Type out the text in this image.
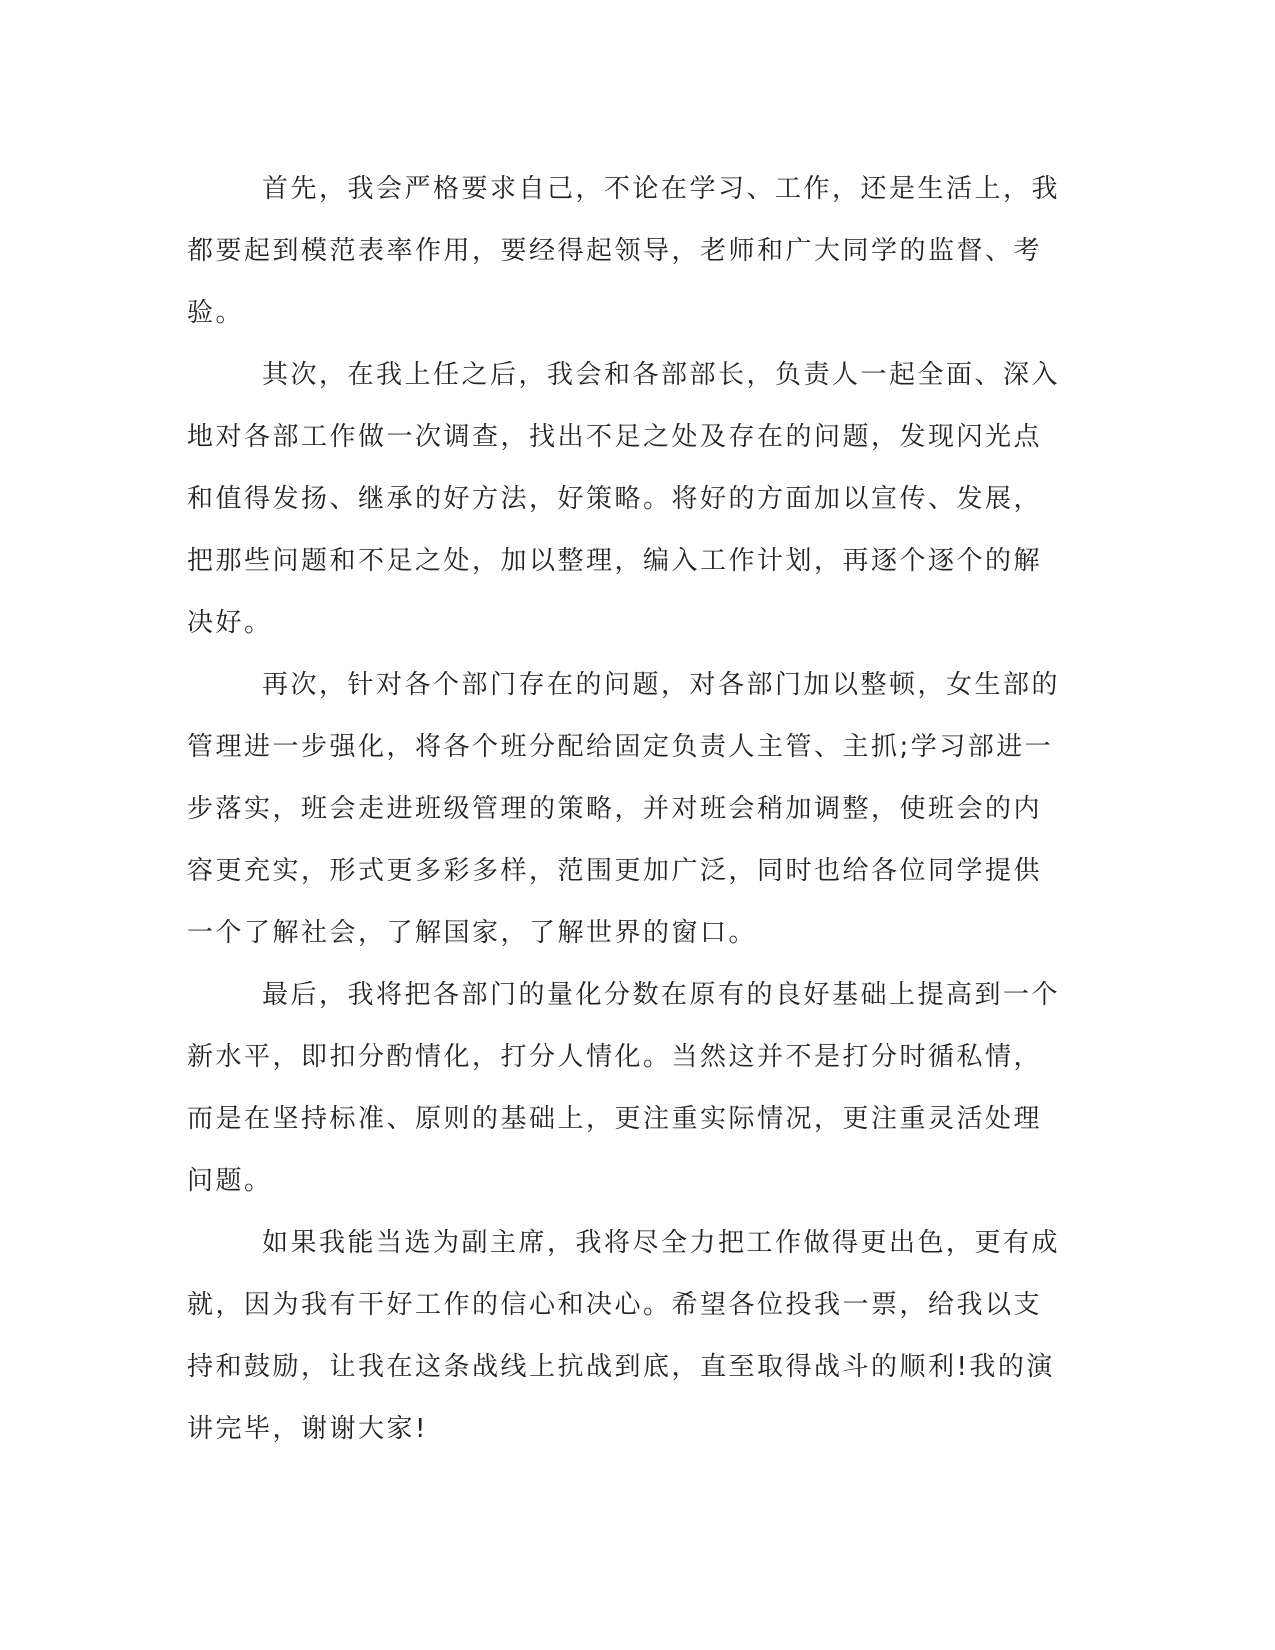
首先，我会严格要求自己，不论在学习、工作，还是生活上，我
都要起到模范表率作用，要经得起领导，老师和广大同学的监督、考
验。

其次，在我上任之后，我会和各部部长，负责人一起全面、深入
地对各部工作做一次调查，找出不足之处及存在的问题，发现闪光点
和值得发扬、继承的好方法，好策略。将好的方面加以宣传、发展，
把那些问题和不足之处，加以整理，编入工作计划，再逐个逐个的解
决好。

再次，针对各个部门存在的问题，对各部门加以整顿，女生部的
管理进一步强化，将各个班分配给固定负责人主管、主抓;学习部进一
步落实，班会走进班级管理的策略，并对班会稍加调整，使班会的内
容更充实，形式更多彩多样，范围更加广泛，同时也给各位同学提供
一个了解社会，了解国家，了解世界的窗口。

最后，我将把各部门的量化分数在原有的良好基础上提高到一个
新水平，即扣分酌情化，打分人情化。当然这并不是打分时循私情，
而是在坚持标准、原则的基础上，更注重实际情况，更注重灵活处理
问题。

如果我能当选为副主席，我将尽全力把工作做得更出色，更有成
就，因为我有干好工作的信心和决心。希望各位投我一票，给我以支
持和鼓励，让我在这条战线上抗战到底，直至取得战斗的顺利!我的演
讲完毕，谢谢大家!
